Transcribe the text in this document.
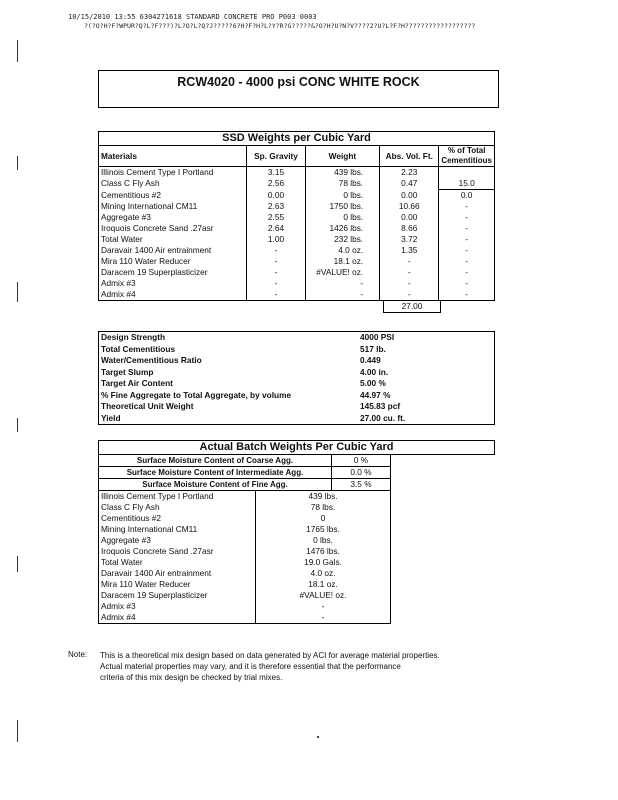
10/15/2010 13:55 6304271618 STANDARD CONCRETE PRO P003 0003
?(?O?H?F?WPUR?Q?L?F???)?L?O?L?Q?J?????6?H?F?H?L?Y?R?G?????&?O?H?U?N?V????2?U?L?F?H??????????????????
RCW4020 - 4000 psi CONC WHITE ROCK
SSD Weights per Cubic Yard
Materials	Sp. Gravity	Weight	Abs. Vol. Ft.	% of Total Cementitious
Illinois Cement Type I Portland	3.15	439 lbs.	2.23	
Class C Fly Ash	2.56	78 lbs.	0.47	15.0
Cementitious #2	0.00	0 lbs.	0.00	0.0
Mining International CM11	2.63	1750 lbs.	10.66	-
Aggregate #3	2.55	0 lbs.	0.00	-
Iroquois Concrete Sand .27asr	2.64	1426 lbs.	8.66	-
Total Water	1.00	232 lbs.	3.72	-
Daravair 1400 Air entrainment	-	4.0 oz.	1.35	-
Mira 110 Water Reducer	-	18.1 oz.	-	-
Daracem 19 Superplasticizer	-	#VALUE! oz.	-	-
Admix #3	-	-	-	-
Admix #4	-	-	-	-
27.00
Design Strength	4000 PSI
Total Cementitious	517 lb.
Water/Cementitious Ratio	0.449
Target Slump	4.00 in.
Target Air Content	5.00 %
% Fine Aggregate to Total Aggregate, by volume	44.97 %
Theoretical Unit Weight	145.83 pcf
Yield	27.00 cu. ft.
Actual Batch Weights Per Cubic Yard
Surface Moisture Content of Coarse Agg.	0 %
Surface Moisture Content of Intermediate Agg.	0.0 %
Surface Moisture Content of Fine Agg.	3.5 %
Illinois Cement Type I Portland	439 lbs.
Class C Fly Ash	78 lbs.
Cementitious #2	0
Mining International CM11	1765 lbs.
Aggregate #3	0 lbs.
Iroquois Concrete Sand .27asr	1476 lbs.
Total Water	19.0 Gals.
Daravair 1400 Air entrainment	4.0 oz.
Mira 110 Water Reducer	18.1 oz.
Daracem 19 Superplasticizer	#VALUE! oz.
Admix #3	-
Admix #4	-
Note: This is a theoretical mix design based on data generated by ACI for average material properties.
Actual material properties may vary, and it is therefore essential that the performance
criteria of this mix design be checked by trial mixes.
